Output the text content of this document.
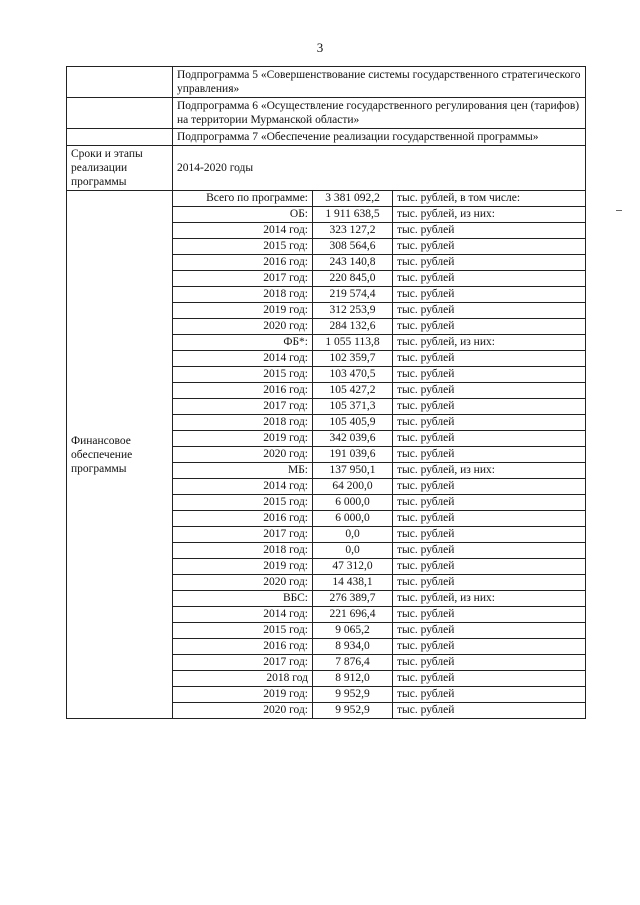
3
	Подпрограмма 5 «Совершенствование системы государственного стратегического управления»		
	Подпрограмма 6 «Осуществление государственного регулирования цен (тарифов) на территории Мурманской области»		
	Подпрограмма 7 «Обеспечение реализации государственной программы»		
Сроки и этапы реализации программы	2014-2020 годы		
Финансовое обеспечение программы	Всего по программе:	3 381 092,2	тыс. рублей, в том числе:
	ОБ:	1 911 638,5	тыс. рублей, из них:
	2014 год:	323 127,2	тыс. рублей
	2015 год:	308 564,6	тыс. рублей
	2016 год:	243 140,8	тыс. рублей
	2017 год:	220 845,0	тыс. рублей
	2018 год:	219 574,4	тыс. рублей
	2019 год:	312 253,9	тыс. рублей
	2020 год:	284 132,6	тыс. рублей
	ФБ*:	1 055 113,8	тыс. рублей, из них:
	2014 год:	102 359,7	тыс. рублей
	2015 год:	103 470,5	тыс. рублей
	2016 год:	105 427,2	тыс. рублей
	2017 год:	105 371,3	тыс. рублей
	2018 год:	105 405,9	тыс. рублей
	2019 год:	342 039,6	тыс. рублей
	2020 год:	191 039,6	тыс. рублей
	МБ:	137 950,1	тыс. рублей, из них:
	2014 год:	64 200,0	тыс. рублей
	2015 год:	6 000,0	тыс. рублей
	2016 год:	6 000,0	тыс. рублей
	2017 год:	0,0	тыс. рублей
	2018 год:	0,0	тыс. рублей
	2019 год:	47 312,0	тыс. рублей
	2020 год:	14 438,1	тыс. рублей
	ВБС:	276 389,7	тыс. рублей, из них:
	2014 год:	221 696,4	тыс. рублей
	2015 год:	9 065,2	тыс. рублей
	2016 год:	8 934,0	тыс. рублей
	2017 год:	7 876,4	тыс. рублей
	2018 год	8 912,0	тыс. рублей
	2019 год:	9 952,9	тыс. рублей
	2020 год:	9 952,9	тыс. рублей
